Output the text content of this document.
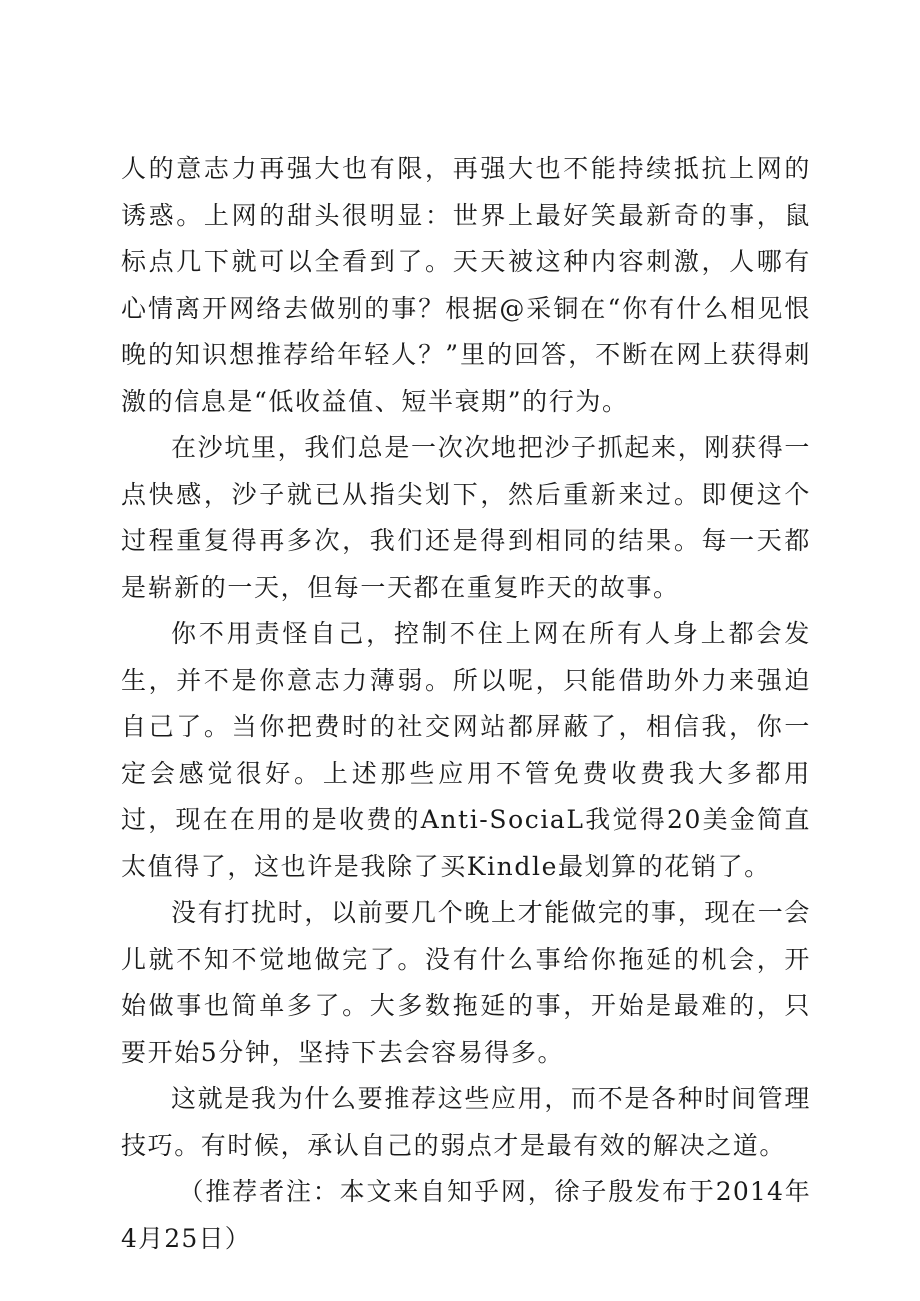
人的意志力再强大也有限，再强大也不能持续抵抗上网的诱惑。上网的甜头很明显：世界上最好笑最新奇的事，鼠标点几下就可以全看到了。天天被这种内容刺激，人哪有心情离开网络去做别的事？根据@采铜在“你有什么相见恨晚的知识想推荐给年轻人？”里的回答，不断在网上获得刺激的信息是“低收益值、短半衰期”的行为。

在沙坑里，我们总是一次次地把沙子抓起来，刚获得一点快感，沙子就已从指尖划下，然后重新来过。即便这个过程重复得再多次，我们还是得到相同的结果。每一天都是崭新的一天，但每一天都在重复昨天的故事。

你不用责怪自己，控制不住上网在所有人身上都会发生，并不是你意志力薄弱。所以呢，只能借助外力来强迫自己了。当你把费时的社交网站都屏蔽了，相信我，你一定会感觉很好。上述那些应用不管免费收费我大多都用过，现在在用的是收费的Anti-SociaL我觉得20美金简直太值得了，这也许是我除了买Kindle最划算的花销了。

没有打扰时，以前要几个晚上才能做完的事，现在一会儿就不知不觉地做完了。没有什么事给你拖延的机会，开始做事也简单多了。大多数拖延的事，开始是最难的，只要开始5分钟，坚持下去会容易得多。

这就是我为什么要推荐这些应用，而不是各种时间管理技巧。有时候，承认自己的弱点才是最有效的解决之道。

（推荐者注：本文来自知乎网，徐子殷发布于2014年4月25日）
